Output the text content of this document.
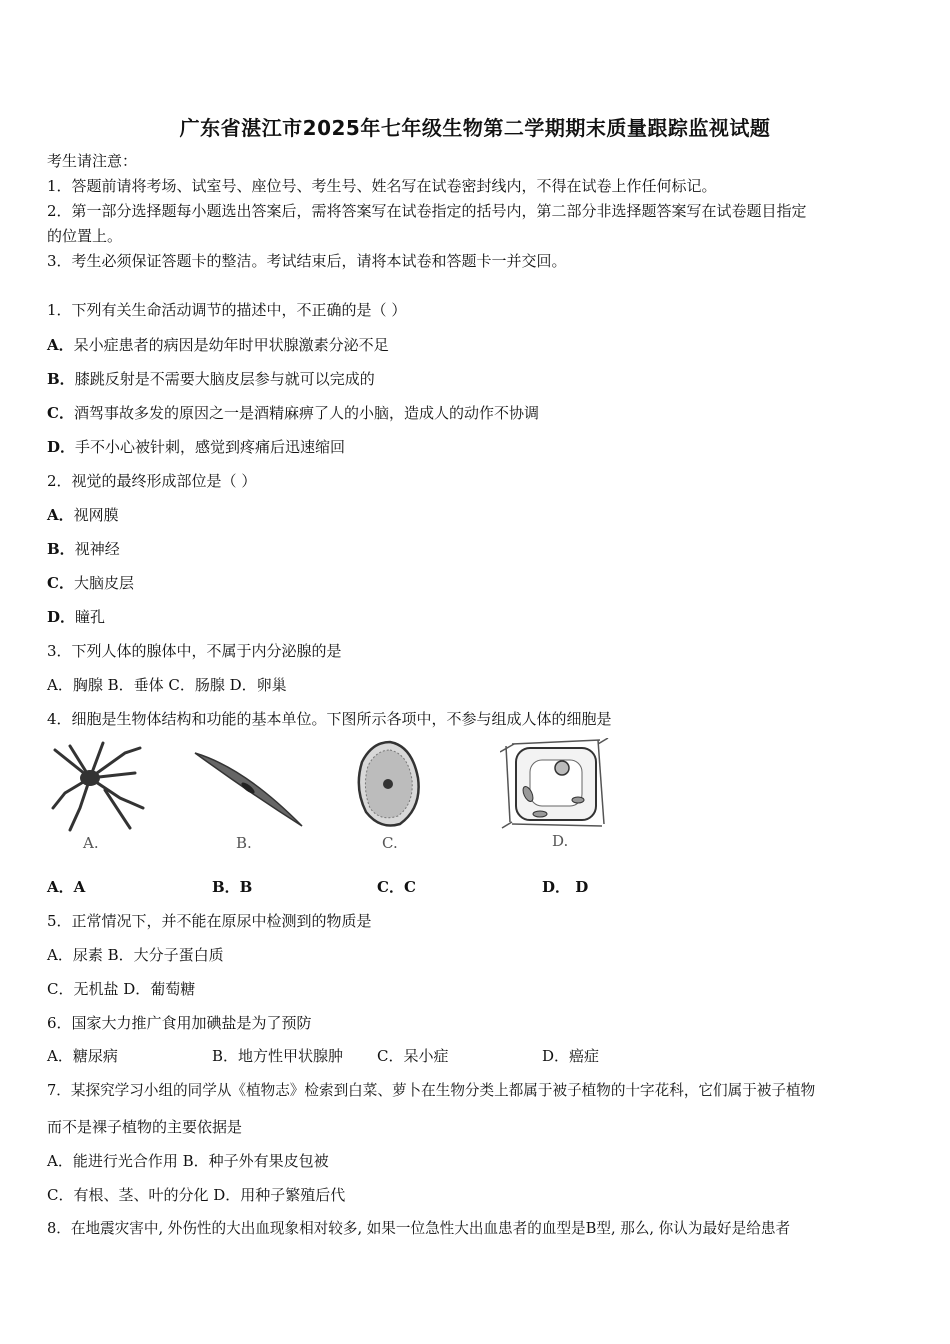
广东省湛江市2025年七年级生物第二学期期末质量跟踪监视试题
考生请注意：
1．答题前请将考场、试室号、座位号、考生号、姓名写在试卷密封线内，不得在试卷上作任何标记。
2．第一部分选择题每小题选出答案后，需将答案写在试卷指定的括号内，第二部分非选择题答案写在试卷题目指定
的位置上。
3．考生必须保证答题卡的整洁。考试结束后，请将本试卷和答题卡一并交回。
1．下列有关生命活动调节的描述中，不正确的是（ ）
A．呆小症患者的病因是幼年时甲状腺激素分泌不足
B．膝跳反射是不需要大脑皮层参与就可以完成的
C．酒驾事故多发的原因之一是酒精麻痹了人的小脑，造成人的动作不协调
D．手不小心被针刺，感觉到疼痛后迅速缩回
2．视觉的最终形成部位是（ ）
A．视网膜
B．视神经
C．大脑皮层
D．瞳孔
3．下列人体的腺体中，不属于内分泌腺的是
A．胸腺 B．垂体 C．肠腺 D．卵巢
4．细胞是生物体结构和功能的基本单位。下图所示各项中，不参与组成人体的细胞是
A.	B.	C.	D.
A．A	B．B	C．C	D． D
5．正常情况下，并不能在原尿中检测到的物质是
A．尿素 B．大分子蛋白质
C．无机盐 D．葡萄糖
6．国家大力推广食用加碘盐是为了预防
A．糖尿病	B．地方性甲状腺肿 C．呆小症	D．癌症
7．某探究学习小组的同学从《植物志》检索到白菜、萝卜在生物分类上都属于被子植物的十字花科，它们属于被子植物
而不是裸子植物的主要依据是
A．能进行光合作用 B．种子外有果皮包被
C．有根、茎、叶的分化 D．用种子繁殖后代
8．在地震灾害中, 外伤性的大出血现象相对较多, 如果一位急性大出血患者的血型是B型, 那么, 你认为最好是给患者
